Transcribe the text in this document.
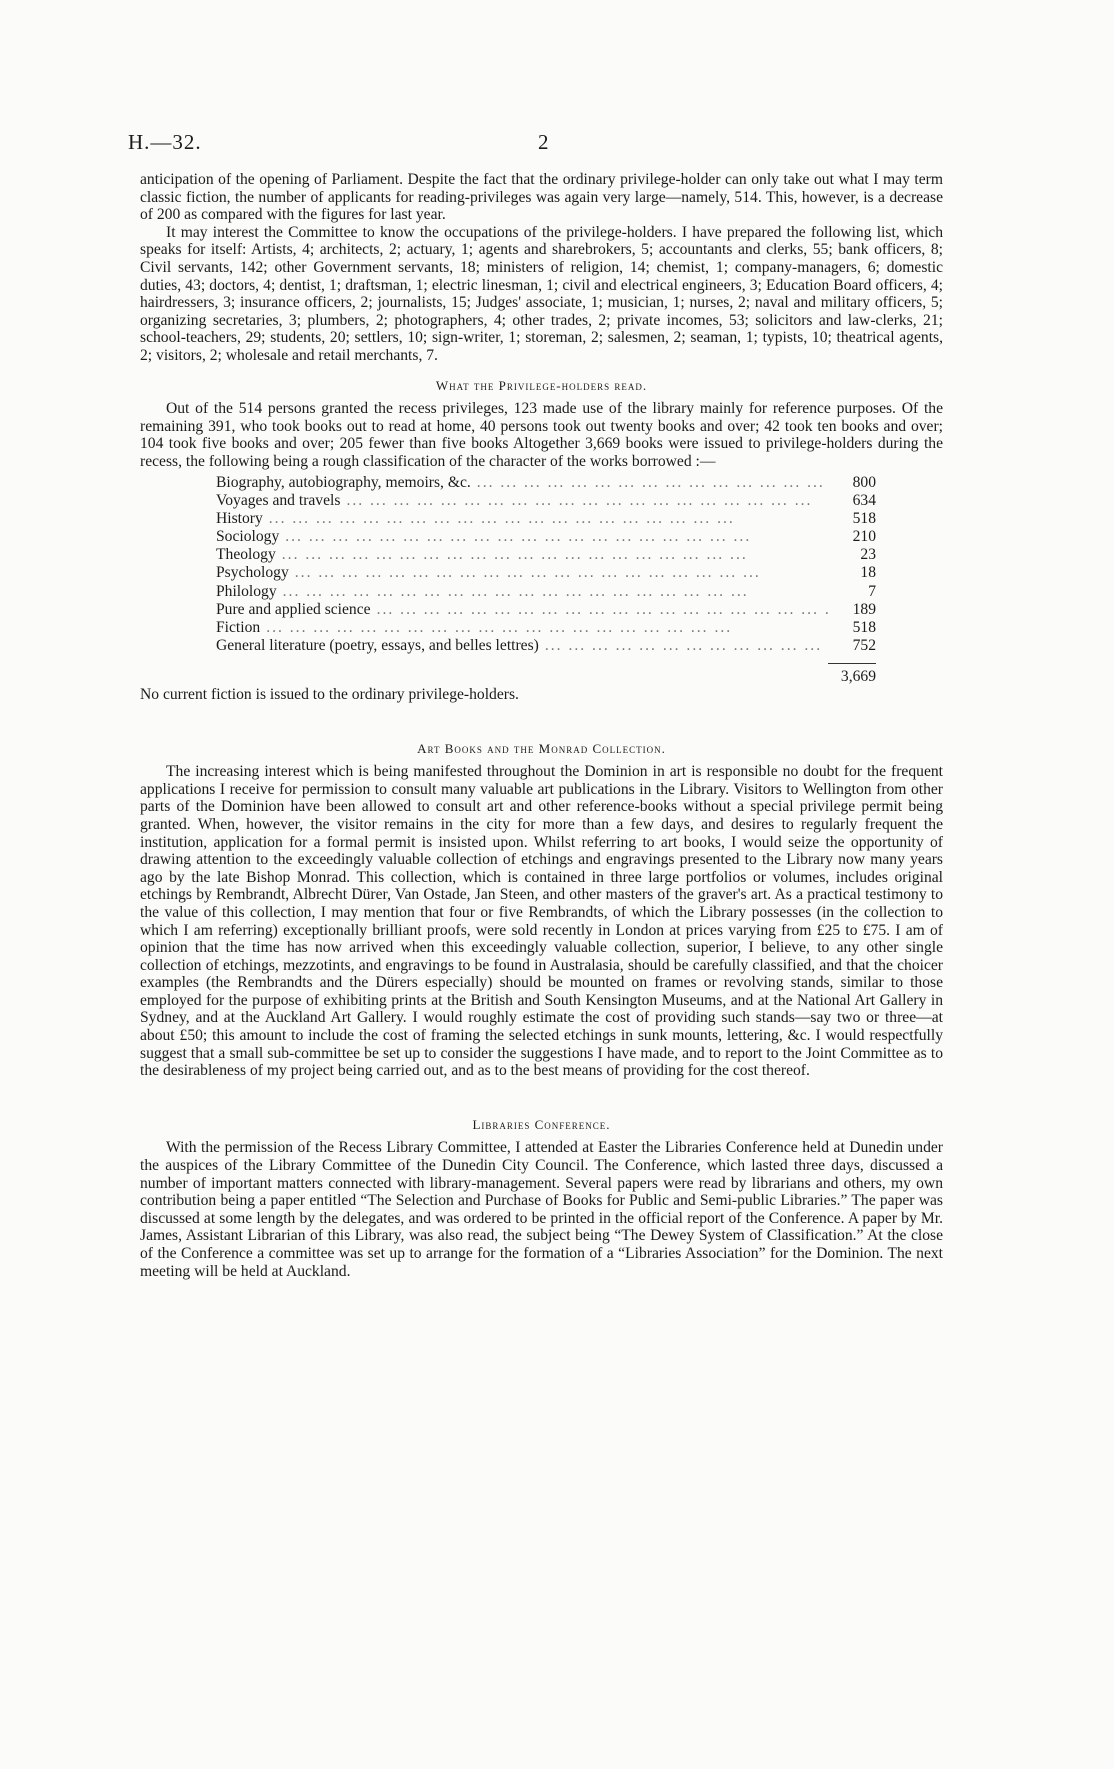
H.—32.	2

anticipation of the opening of Parliament. Despite the fact that the ordinary privilege-holder can only take out what I may term classic fiction, the number of applicants for reading-privileges was again very large—namely, 514. This, however, is a decrease of 200 as compared with the figures for last year.

It may interest the Committee to know the occupations of the privilege-holders. I have prepared the following list, which speaks for itself: Artists, 4; architects, 2; actuary, 1; agents and sharebrokers, 5; accountants and clerks, 55; bank officers, 8; Civil servants, 142; other Government servants, 18; ministers of religion, 14; chemist, 1; company-managers, 6; domestic duties, 43; doctors, 4; dentist, 1; draftsman, 1; electric linesman, 1; civil and electrical engineers, 3; Education Board officers, 4; hairdressers, 3; insurance officers, 2; journalists, 15; Judges' associate, 1; musician, 1; nurses, 2; naval and military officers, 5; organizing secretaries, 3; plumbers, 2; photographers, 4; other trades, 2; private incomes, 53; solicitors and law-clerks, 21; school-teachers, 29; students, 20; settlers, 10; sign-writer, 1; storeman, 2; salesmen, 2; seaman, 1; typists, 10; theatrical agents, 2; visitors, 2; wholesale and retail merchants, 7.

What the Privilege-holders read.

Out of the 514 persons granted the recess privileges, 123 made use of the library mainly for reference purposes. Of the remaining 391, who took books out to read at home, 40 persons took out twenty books and over; 42 took ten books and over; 104 took five books and over; 205 fewer than five books Altogether 3,669 books were issued to privilege-holders during the recess, the following being a rough classification of the character of the works borrowed :—

Biography, autobiography, memoirs, &c. ...	800
Voyages and travels ...	634
History ...	518
Sociology ...	210
Theology ...	23
Psychology ...	18
Philology ...	7
Pure and applied science ...	189
Fiction ...	518
General literature (poetry, essays, and belles lettres) ...	752
3,669

No current fiction is issued to the ordinary privilege-holders.

Art Books and the Monrad Collection.

The increasing interest which is being manifested throughout the Dominion in art is responsible no doubt for the frequent applications I receive for permission to consult many valuable art publications in the Library. Visitors to Wellington from other parts of the Dominion have been allowed to consult art and other reference-books without a special privilege permit being granted. When, however, the visitor remains in the city for more than a few days, and desires to regularly frequent the institution, application for a formal permit is insisted upon. Whilst referring to art books, I would seize the opportunity of drawing attention to the exceedingly valuable collection of etchings and engravings presented to the Library now many years ago by the late Bishop Monrad. This collection, which is contained in three large portfolios or volumes, includes original etchings by Rembrandt, Albrecht Dürer, Van Ostade, Jan Steen, and other masters of the graver's art. As a practical testimony to the value of this collection, I may mention that four or five Rembrandts, of which the Library possesses (in the collection to which I am referring) exceptionally brilliant proofs, were sold recently in London at prices varying from £25 to £75. I am of opinion that the time has now arrived when this exceedingly valuable collection, superior, I believe, to any other single collection of etchings, mezzotints, and engravings to be found in Australasia, should be carefully classified, and that the choicer examples (the Rembrandts and the Dürers especially) should be mounted on frames or revolving stands, similar to those employed for the purpose of exhibiting prints at the British and South Kensington Museums, and at the National Art Gallery in Sydney, and at the Auckland Art Gallery. I would roughly estimate the cost of providing such stands—say two or three—at about £50; this amount to include the cost of framing the selected etchings in sunk mounts, lettering, &c. I would respectfully suggest that a small sub-committee be set up to consider the suggestions I have made, and to report to the Joint Committee as to the desirableness of my project being carried out, and as to the best means of providing for the cost thereof.

Libraries Conference.

With the permission of the Recess Library Committee, I attended at Easter the Libraries Conference held at Dunedin under the auspices of the Library Committee of the Dunedin City Council. The Conference, which lasted three days, discussed a number of important matters connected with library-management. Several papers were read by librarians and others, my own contribution being a paper entitled “The Selection and Purchase of Books for Public and Semi-public Libraries.” The paper was discussed at some length by the delegates, and was ordered to be printed in the official report of the Conference. A paper by Mr. James, Assistant Librarian of this Library, was also read, the subject being “The Dewey System of Classification.” At the close of the Conference a committee was set up to arrange for the formation of a “Libraries Association” for the Dominion. The next meeting will be held at Auckland.
